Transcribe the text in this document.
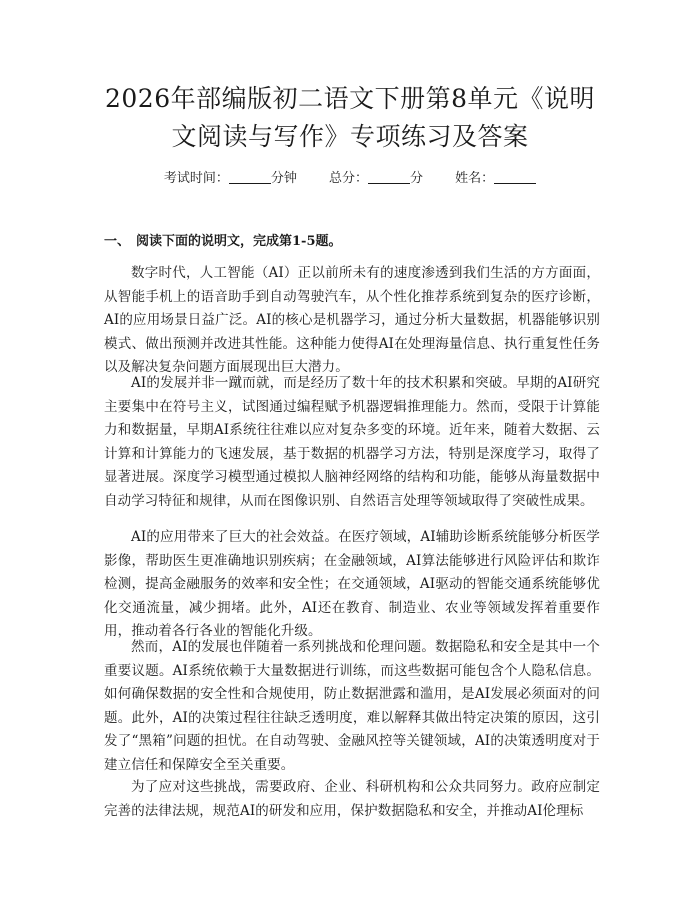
2026年部编版初二语文下册第8单元《说明
文阅读与写作》专项练习及答案
考试时间：	分钟 总分：	分 姓名：
一、 阅读下面的说明文，完成第1-5题。

数字时代，人工智能（AI）正以前所未有的速度渗透到我们生活的方方面面，从智能手机上的语音助手到自动驾驶汽车，从个性化推荐系统到复杂的医疗诊断，AI的应用场景日益广泛。AI的核心是机器学习，通过分析大量数据，机器能够识别模式、做出预测并改进其性能。这种能力使得AI在处理海量信息、执行重复性任务以及解决复杂问题方面展现出巨大潜力。

AI的发展并非一蹴而就，而是经历了数十年的技术积累和突破。早期的AI研究主要集中在符号主义，试图通过编程赋予机器逻辑推理能力。然而，受限于计算能力和数据量，早期AI系统往往难以应对复杂多变的环境。近年来，随着大数据、云计算和计算能力的飞速发展，基于数据的机器学习方法，特别是深度学习，取得了显著进展。深度学习模型通过模拟人脑神经网络的结构和功能，能够从海量数据中自动学习特征和规律，从而在图像识别、自然语言处理等领域取得了突破性成果。

AI的应用带来了巨大的社会效益。在医疗领域，AI辅助诊断系统能够分析医学影像，帮助医生更准确地识别疾病；在金融领域，AI算法能够进行风险评估和欺诈检测，提高金融服务的效率和安全性；在交通领域，AI驱动的智能交通系统能够优化交通流量，减少拥堵。此外，AI还在教育、制造业、农业等领域发挥着重要作用，推动着各行各业的智能化升级。

然而，AI的发展也伴随着一系列挑战和伦理问题。数据隐私和安全是其中一个重要议题。AI系统依赖于大量数据进行训练，而这些数据可能包含个人隐私信息。如何确保数据的安全性和合规使用，防止数据泄露和滥用，是AI发展必须面对的问题。此外，AI的决策过程往往缺乏透明度，难以解释其做出特定决策的原因，这引发了“黑箱”问题的担忧。在自动驾驶、金融风控等关键领域，AI的决策透明度对于建立信任和保障安全至关重要。

为了应对这些挑战，需要政府、企业、科研机构和公众共同努力。政府应制定完善的法律法规，规范AI的研发和应用，保护数据隐私和安全，并推动AI伦理标
